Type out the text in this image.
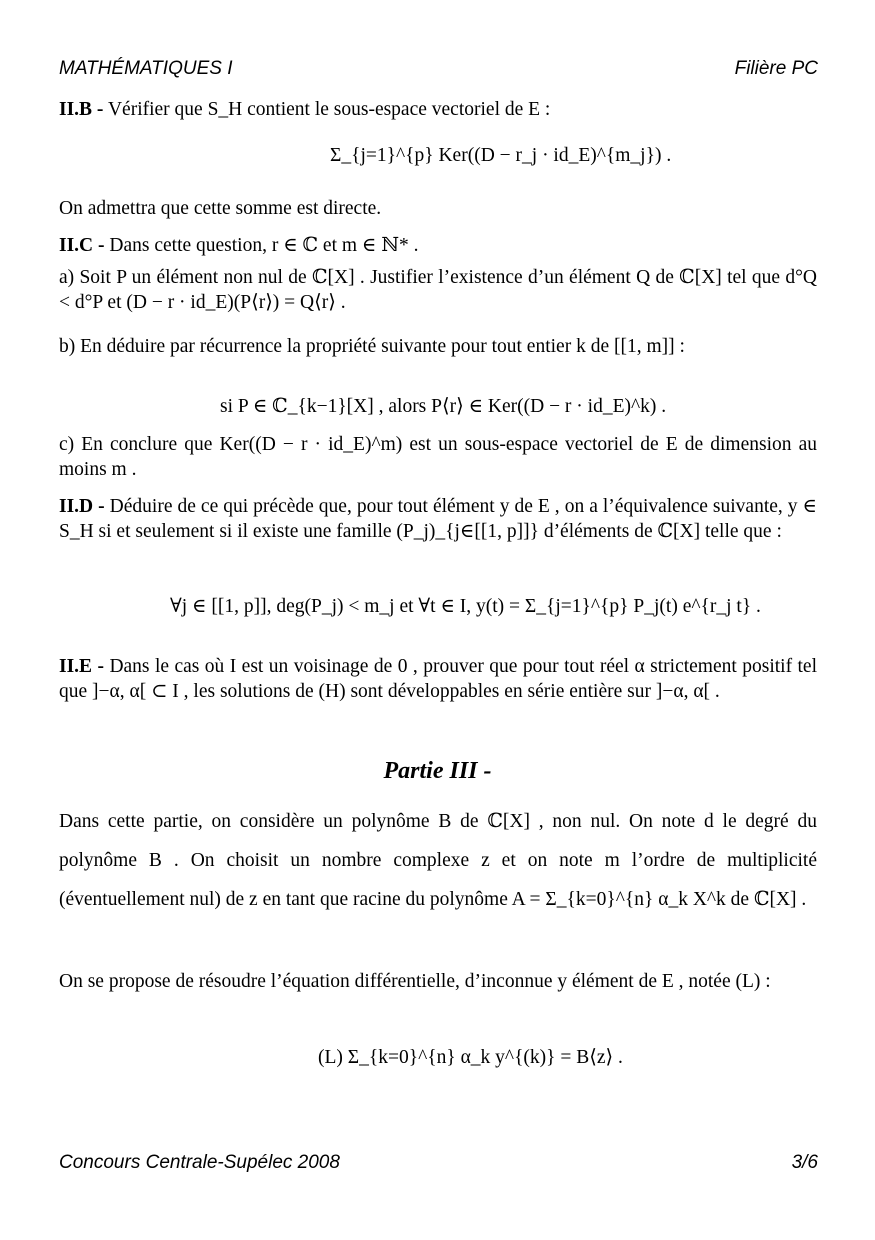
MATHÉMATIQUES I	Filière PC
II.B - Vérifier que S_H contient le sous-espace vectoriel de E :
Σ_{j=1}^{p} Ker((D − r_j · id_E)^{m_j}) .
On admettra que cette somme est directe.
II.C - Dans cette question, r ∈ ℂ et m ∈ ℕ* .
a) Soit P un élément non nul de ℂ[X] . Justifier l’existence d’un élément Q de ℂ[X] tel que d°Q < d°P et (D − r · id_E)(P⟨r⟩) = Q⟨r⟩ .
b) En déduire par récurrence la propriété suivante pour tout entier k de [[1, m]] :
si P ∈ ℂ_{k−1}[X] , alors P⟨r⟩ ∈ Ker((D − r · id_E)^k) .
c) En conclure que Ker((D − r · id_E)^m) est un sous-espace vectoriel de E de dimension au moins m .
II.D - Déduire de ce qui précède que, pour tout élément y de E , on a l’équivalence suivante, y ∈ S_H si et seulement si il existe une famille (P_j)_{j∈[[1, p]]} d’éléments de ℂ[X] telle que :
∀j ∈ [[1, p]], deg(P_j) < m_j et ∀t ∈ I, y(t) = Σ_{j=1}^{p} P_j(t) e^{r_j t} .
II.E - Dans le cas où I est un voisinage de 0 , prouver que pour tout réel α strictement positif tel que ]−α, α[ ⊂ I , les solutions de (H) sont développables en série entière sur ]−α, α[ .
Partie III -
Dans cette partie, on considère un polynôme B de ℂ[X] , non nul. On note d le degré du polynôme B . On choisit un nombre complexe z et on note m l’ordre de multiplicité (éventuellement nul) de z en tant que racine du polynôme A = Σ_{k=0}^{n} α_k X^k de ℂ[X] .
On se propose de résoudre l’équation différentielle, d’inconnue y élément de E , notée (L) :
(L) Σ_{k=0}^{n} α_k y^{(k)} = B⟨z⟩ .
Concours Centrale-Supélec 2008	3/6
